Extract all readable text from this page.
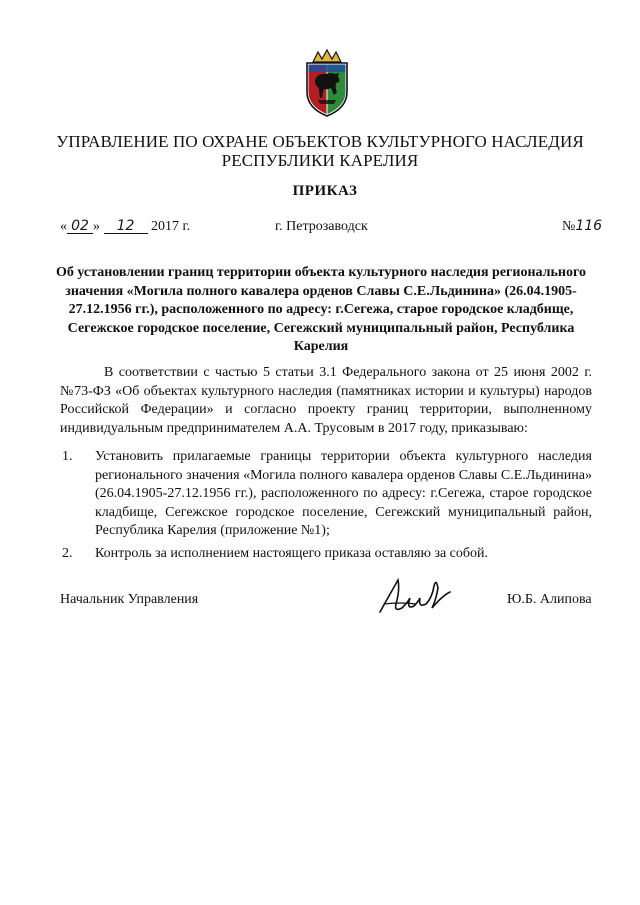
УПРАВЛЕНИЕ ПО ОХРАНЕ ОБЪЕКТОВ КУЛЬТУРНОГО НАСЛЕДИЯ
РЕСПУБЛИКИ КАРЕЛИЯ
ПРИКАЗ
« 02 » 12 2017 г.	г. Петрозаводск	№116
Об установлении границ территории объекта культурного наследия регионального значения «Могила полного кавалера орденов Славы С.Е.Льдинина» (26.04.1905-27.12.1956 гг.), расположенного по адресу: г.Сегежа, старое городское кладбище, Сегежское городское поселение, Сегежский муниципальный район, Республика Карелия
В соответствии с частью 5 статьи 3.1 Федерального закона от 25 июня 2002 г. №73-ФЗ «Об объектах культурного наследия (памятниках истории и культуры) народов Российской Федерации» и согласно проекту границ территории, выполненному индивидуальным предпринимателем А.А. Трусовым в 2017 году, приказываю:
1.	Установить прилагаемые границы территории объекта культурного наследия регионального значения «Могила полного кавалера орденов Славы С.Е.Льдинина» (26.04.1905-27.12.1956 гг.), расположенного по адресу: г.Сегежа, старое городское кладбище, Сегежское городское поселение, Сегежский муниципальный район, Республика Карелия (приложение №1);
2.	Контроль за исполнением настоящего приказа оставляю за собой.
Начальник Управления	Ю.Б. Алипова
